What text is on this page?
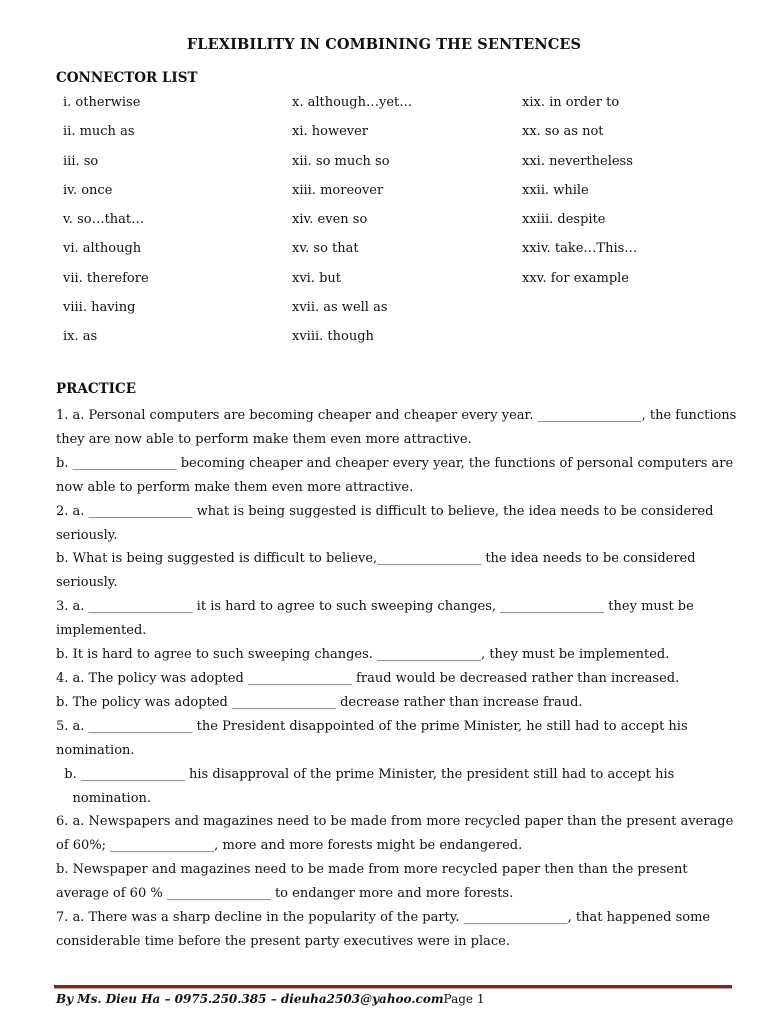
FLEXIBILITY IN COMBINING THE SENTENCES
CONNECTOR LIST
i. otherwise
ii. much as
iii. so
iv. once
v. so…that…
vi. although
vii. therefore
viii. having
ix. as
x. although…yet…
xi. however
xii. so much so
xiii. moreover
xiv. even so
xv. so that
xvi. but
xvii. as well as
xviii. though
xix. in order to
xx. so as not
xxi. nevertheless
xxii. while
xxiii. despite
xxiv. take…This…
xxv. for example
PRACTICE
1. a. Personal computers are becoming cheaper and cheaper every year. ________________, the functions
they are now able to perform make them even more attractive.
b. ________________ becoming cheaper and cheaper every year, the functions of personal computers are
now able to perform make them even more attractive.
2. a. ________________ what is being suggested is difficult to believe, the idea needs to be considered
seriously.
b. What is being suggested is difficult to believe,________________ the idea needs to be considered
seriously.
3. a. ________________ it is hard to agree to such sweeping changes, ________________ they must be
implemented.
b. It is hard to agree to such sweeping changes. ________________, they must be implemented.
4. a. The policy was adopted ________________ fraud would be decreased rather than increased.
b. The policy was adopted ________________ decrease rather than increase fraud.
5. a. ________________ the President disappointed of the prime Minister, he still had to accept his
nomination.
b. ________________ his disapproval of the prime Minister, the president still had to accept his
nomination.
6. a. Newspapers and magazines need to be made from more recycled paper than the present average
of 60%; ________________, more and more forests might be endangered.
b. Newspaper and magazines need to be made from more recycled paper then than the present
average of 60 % ________________ to endanger more and more forests.
7. a. There was a sharp decline in the popularity of the party. ________________, that happened some
considerable time before the present party executives were in place.
By Ms. Dieu Ha – 0975.250.385 – dieuha2503@yahoo.comPage 1
